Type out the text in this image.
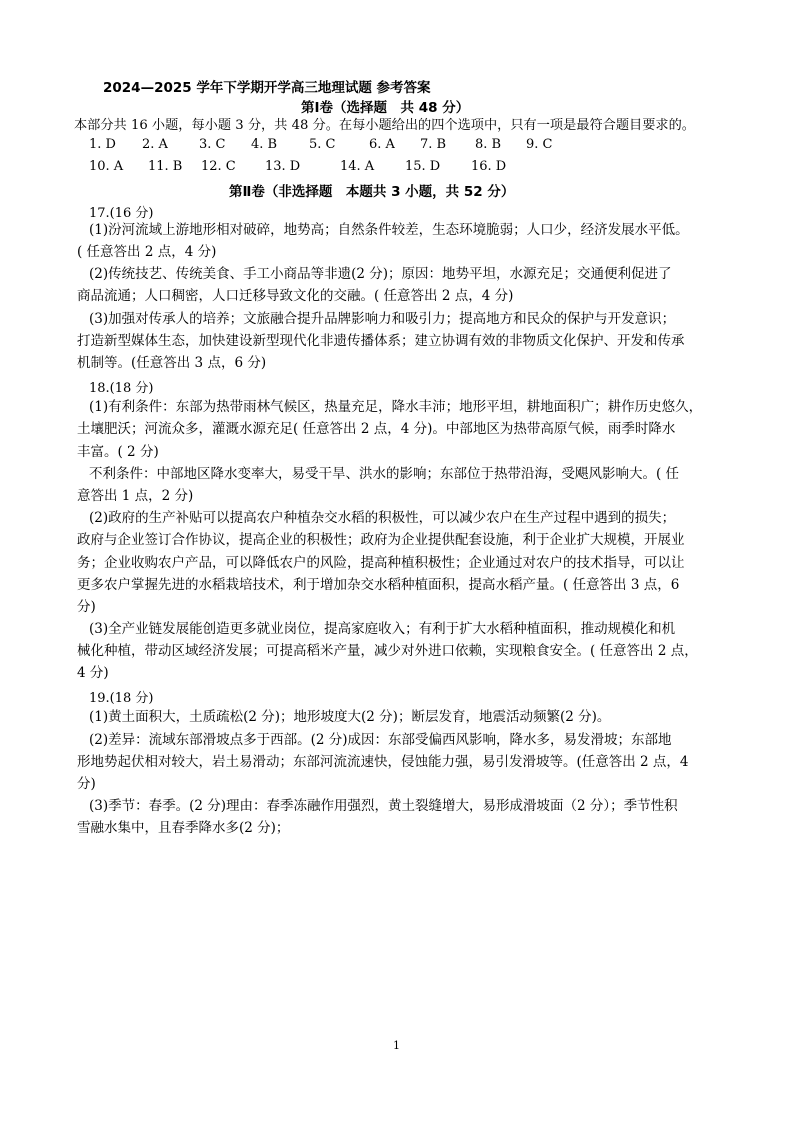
2024—2025 学年下学期开学高三地理试题 参考答案
第Ⅰ卷（选择题　共 48 分）
本部分共 16 小题，每小题 3 分，共 48 分。在每小题给出的四个选项中，只有一项是最符合题目要求的。
1. D 2. A 3. C 4. B 5. C	6. A 7. B 8. B 9. C
10. A 11. B 12. C 13. D	14. A 15. D 16. D
第Ⅱ卷（非选择题　本题共 3 小题，共 52 分）
17.(16 分)
(1)汾河流域上游地形相对破碎，地势高；自然条件较差，生态环境脆弱；人口少，经济发展水平低。
( 任意答出 2 点，4 分)
(2)传统技艺、传统美食、手工小商品等非遗(2 分)；原因：地势平坦，水源充足；交通便利促进了
商品流通；人口稠密，人口迁移导致文化的交融。( 任意答出 2 点，4 分)
(3)加强对传承人的培养；文旅融合提升品牌影响力和吸引力；提高地方和民众的保护与开发意识；
打造新型媒体生态，加快建设新型现代化非遗传播体系；建立协调有效的非物质文化保护、开发和传承
机制等。(任意答出 3 点，6 分)
18.(18 分)
(1)有利条件：东部为热带雨林气候区，热量充足，降水丰沛；地形平坦，耕地面积广；耕作历史悠久，
土壤肥沃；河流众多，灌溉水源充足( 任意答出 2 点，4 分)。中部地区为热带高原气候，雨季时降水
丰富。( 2 分)
不利条件：中部地区降水变率大，易受干旱、洪水的影响；东部位于热带沿海，受飓风影响大。( 任
意答出 1 点，2 分)
(2)政府的生产补贴可以提高农户种植杂交水稻的积极性，可以减少农户在生产过程中遇到的损失；
政府与企业签订合作协议，提高企业的积极性；政府为企业提供配套设施，利于企业扩大规模，开展业
务；企业收购农户产品，可以降低农户的风险，提高种植积极性；企业通过对农户的技术指导，可以让
更多农户掌握先进的水稻栽培技术，利于增加杂交水稻种植面积，提高水稻产量。( 任意答出 3 点，6
分)
(3)全产业链发展能创造更多就业岗位，提高家庭收入；有利于扩大水稻种植面积，推动规模化和机
械化种植，带动区域经济发展；可提高稻米产量，减少对外进口依赖，实现粮食安全。( 任意答出 2 点，
4 分)
19.(18 分)
(1)黄土面积大，土质疏松(2 分)；地形坡度大(2 分)；断层发育，地震活动频繁(2 分)。
(2)差异：流域东部滑坡点多于西部。(2 分)成因：东部受偏西风影响，降水多，易发滑坡；东部地
形地势起伏相对较大，岩土易滑动；东部河流流速快，侵蚀能力强，易引发滑坡等。(任意答出 2 点，4
分)
(3)季节：春季。(2 分)理由：春季冻融作用强烈，黄土裂缝增大，易形成滑坡面（2 分）；季节性积
雪融水集中，且春季降水多(2 分)；
1
